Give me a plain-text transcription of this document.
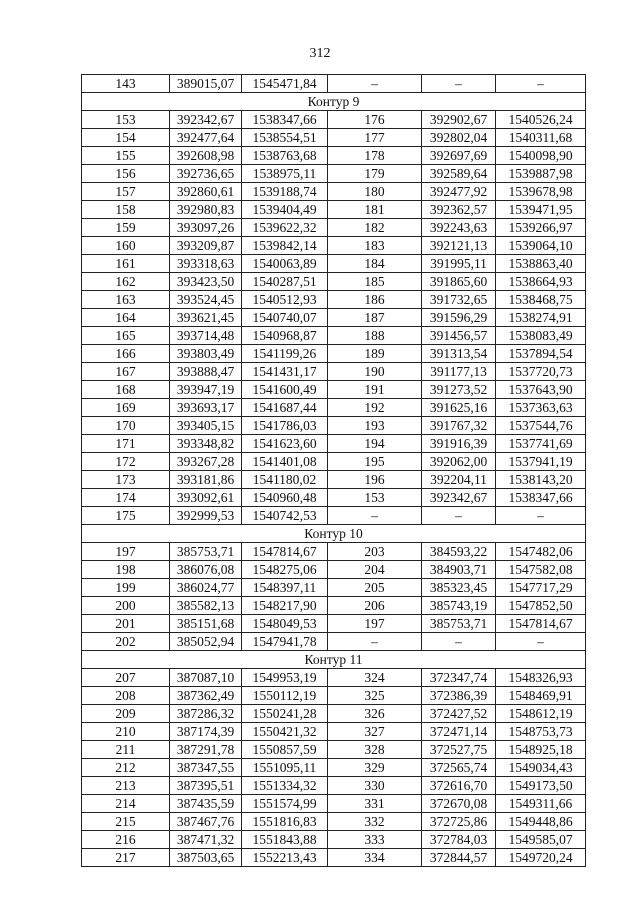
312
143	389015,07	1545471,84	–	–	–
Контур 9					
153	392342,67	1538347,66	176	392902,67	1540526,24
154	392477,64	1538554,51	177	392802,04	1540311,68
155	392608,98	1538763,68	178	392697,69	1540098,90
156	392736,65	1538975,11	179	392589,64	1539887,98
157	392860,61	1539188,74	180	392477,92	1539678,98
158	392980,83	1539404,49	181	392362,57	1539471,95
159	393097,26	1539622,32	182	392243,63	1539266,97
160	393209,87	1539842,14	183	392121,13	1539064,10
161	393318,63	1540063,89	184	391995,11	1538863,40
162	393423,50	1540287,51	185	391865,60	1538664,93
163	393524,45	1540512,93	186	391732,65	1538468,75
164	393621,45	1540740,07	187	391596,29	1538274,91
165	393714,48	1540968,87	188	391456,57	1538083,49
166	393803,49	1541199,26	189	391313,54	1537894,54
167	393888,47	1541431,17	190	391177,13	1537720,73
168	393947,19	1541600,49	191	391273,52	1537643,90
169	393693,17	1541687,44	192	391625,16	1537363,63
170	393405,15	1541786,03	193	391767,32	1537544,76
171	393348,82	1541623,60	194	391916,39	1537741,69
172	393267,28	1541401,08	195	392062,00	1537941,19
173	393181,86	1541180,02	196	392204,11	1538143,20
174	393092,61	1540960,48	153	392342,67	1538347,66
175	392999,53	1540742,53	–	–	–
Контур 10					
197	385753,71	1547814,67	203	384593,22	1547482,06
198	386076,08	1548275,06	204	384903,71	1547582,08
199	386024,77	1548397,11	205	385323,45	1547717,29
200	385582,13	1548217,90	206	385743,19	1547852,50
201	385151,68	1548049,53	197	385753,71	1547814,67
202	385052,94	1547941,78	–	–	–
Контур 11					
207	387087,10	1549953,19	324	372347,74	1548326,93
208	387362,49	1550112,19	325	372386,39	1548469,91
209	387286,32	1550241,28	326	372427,52	1548612,19
210	387174,39	1550421,32	327	372471,14	1548753,73
211	387291,78	1550857,59	328	372527,75	1548925,18
212	387347,55	1551095,11	329	372565,74	1549034,43
213	387395,51	1551334,32	330	372616,70	1549173,50
214	387435,59	1551574,99	331	372670,08	1549311,66
215	387467,76	1551816,83	332	372725,86	1549448,86
216	387471,32	1551843,88	333	372784,03	1549585,07
217	387503,65	1552213,43	334	372844,57	1549720,24
